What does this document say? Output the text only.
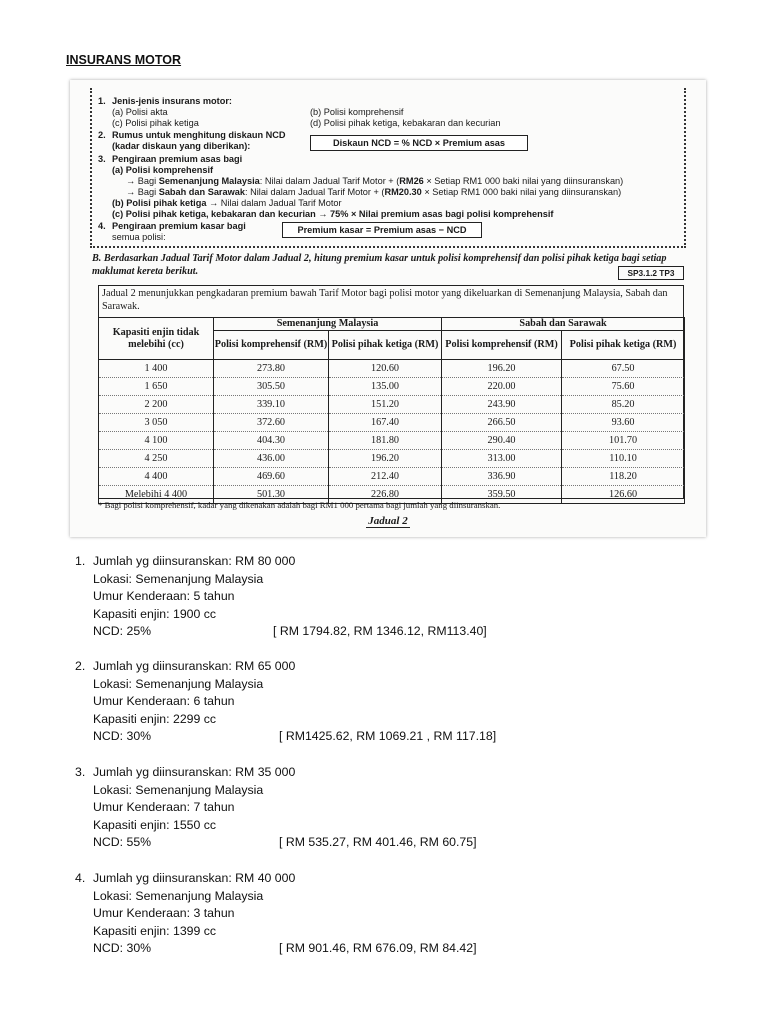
INSURANS MOTOR
1. Jenis-jenis insurans motor:
(a) Polisi akta	(b) Polisi komprehensif
(c) Polisi pihak ketiga	(d) Polisi pihak ketiga, kebakaran dan kecurian
2. Rumus untuk menghitung diskaun NCD
(kadar diskaun yang diberikan):	Diskaun NCD = % NCD × Premium asas
3. Pengiraan premium asas bagi
(a) Polisi komprehensif
→ Bagi Semenanjung Malaysia: Nilai dalam Jadual Tarif Motor + (RM26 × Setiap RM1 000 baki nilai yang diinsuranskan)
→ Bagi Sabah dan Sarawak: Nilai dalam Jadual Tarif Motor + (RM20.30 × Setiap RM1 000 baki nilai yang diinsuranskan)
(b) Polisi pihak ketiga → Nilai dalam Jadual Tarif Motor
(c) Polisi pihak ketiga, kebakaran dan kecurian → 75% × Nilai premium asas bagi polisi komprehensif
4. Pengiraan premium kasar bagi
semua polisi:
Premium kasar = Premium asas − NCD
B. Berdasarkan Jadual Tarif Motor dalam Jadual 2, hitung premium kasar untuk polisi komprehensif dan polisi pihak ketiga bagi setiap maklumat kereta berikut.	SP3.1.2 TP3
Jadual 2 menunjukkan pengkadaran premium bawah Tarif Motor bagi polisi motor yang dikeluarkan di Semenanjung Malaysia, Sabah dan Sarawak.
Kapasiti enjin tidak melebihi (cc)	Semenanjung Malaysia		Sabah dan Sarawak	
	Polisi komprehensif (RM)	Polisi pihak ketiga (RM)	Polisi komprehensif (RM)	Polisi pihak ketiga (RM)
1 400	273.80	120.60	196.20	67.50
1 650	305.50	135.00	220.00	75.60
2 200	339.10	151.20	243.90	85.20
3 050	372.60	167.40	266.50	93.60
4 100	404.30	181.80	290.40	101.70
4 250	436.00	196.20	313.00	110.10
4 400	469.60	212.40	336.90	118.20
Melebihi 4 400	501.30	226.80	359.50	126.60
* Bagi polisi komprehensif, kadar yang dikenakan adalah bagi RM1 000 pertama bagi jumlah yang diinsuranskan.
Jadual 2
1. Jumlah yg diinsuranskan: RM 80 000
Lokasi: Semenanjung Malaysia
Umur Kenderaan: 5 tahun
Kapasiti enjin: 1900 cc
NCD: 25%	[ RM 1794.82, RM 1346.12, RM113.40]
2. Jumlah yg diinsuranskan: RM 65 000
Lokasi: Semenanjung Malaysia
Umur Kenderaan: 6 tahun
Kapasiti enjin: 2299 cc
NCD: 30%	[ RM1425.62, RM 1069.21 , RM 117.18]
3. Jumlah yg diinsuranskan: RM 35 000
Lokasi: Semenanjung Malaysia
Umur Kenderaan: 7 tahun
Kapasiti enjin: 1550 cc
NCD: 55%	[ RM 535.27, RM 401.46, RM 60.75]
4. Jumlah yg diinsuranskan: RM 40 000
Lokasi: Semenanjung Malaysia
Umur Kenderaan: 3 tahun
Kapasiti enjin: 1399 cc
NCD: 30%	[ RM 901.46, RM 676.09, RM 84.42]
